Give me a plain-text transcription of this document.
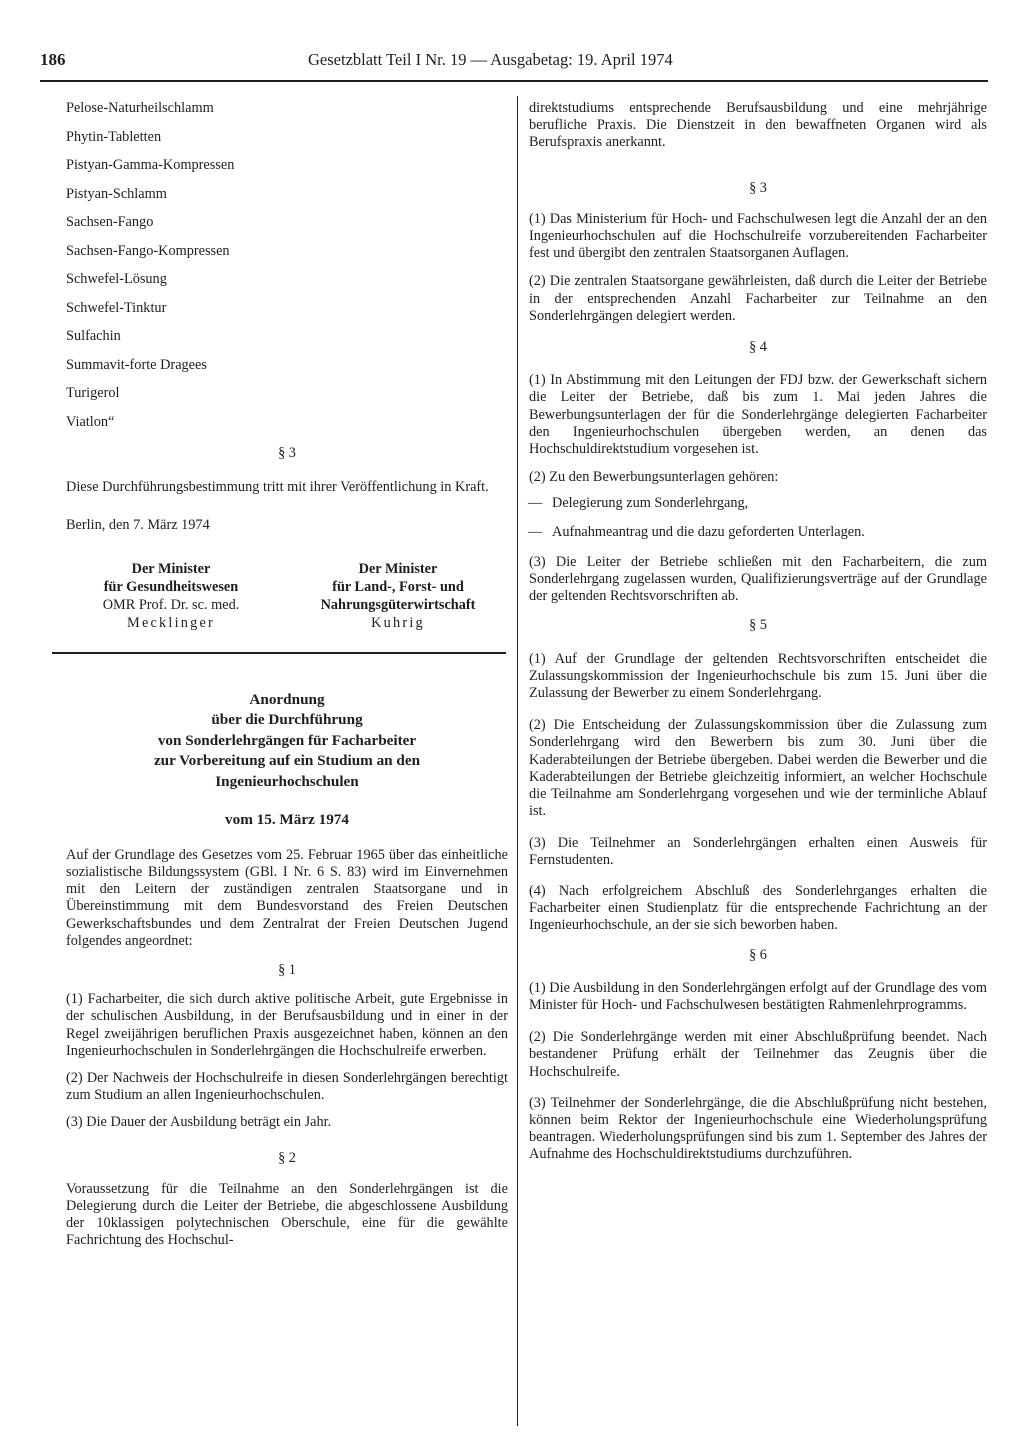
186	Gesetzblatt Teil I Nr. 19 — Ausgabetag: 19. April 1974

Pelose-Naturheilschlamm

Phytin-Tabletten

Pistyan-Gamma-Kompressen

Pistyan-Schlamm

Sachsen-Fango

Sachsen-Fango-Kompressen

Schwefel-Lösung

Schwefel-Tinktur

Sulfachin

Summavit-forte Dragees

Turigerol

Viatlon“

§ 3

Diese Durchführungsbestimmung tritt mit ihrer Veröffentlichung in Kraft.

Berlin, den 7. März 1974

Der Minister
für Gesundheitswesen
OMR Prof. Dr. sc. med.
Mecklinger
Der Minister
für Land-, Forst- und
Nahrungsgüterwirtschaft
Kuhrig

Anordnung

über die Durchführung

von Sonderlehrgängen für Facharbeiter

zur Vorbereitung auf ein Studium an den

Ingenieurhochschulen

vom 15. März 1974

Auf der Grundlage des Gesetzes vom 25. Februar 1965 über das einheitliche sozialistische Bildungssystem (GBl. I Nr. 6 S. 83) wird im Einvernehmen mit den Leitern der zuständigen zentralen Staatsorgane und in Übereinstimmung mit dem Bundesvorstand des Freien Deutschen Gewerkschaftsbundes und dem Zentralrat der Freien Deutschen Jugend folgendes angeordnet:

§ 1

(1) Facharbeiter, die sich durch aktive politische Arbeit, gute Ergebnisse in der schulischen Ausbildung, in der Berufsausbildung und in einer in der Regel zweijährigen beruflichen Praxis ausgezeichnet haben, können an den Ingenieurhochschulen in Sonderlehrgängen die Hochschulreife erwerben.

(2) Der Nachweis der Hochschulreife in diesen Sonderlehrgängen berechtigt zum Studium an allen Ingenieurhochschulen.

(3) Die Dauer der Ausbildung beträgt ein Jahr.

§ 2

Voraussetzung für die Teilnahme an den Sonderlehrgängen ist die Delegierung durch die Leiter der Betriebe, die abgeschlossene Ausbildung der 10klassigen polytechnischen Oberschule, eine für die gewählte Fachrichtung des Hochschul-

direktstudiums entsprechende Berufsausbildung und eine mehrjährige berufliche Praxis. Die Dienstzeit in den bewaffneten Organen wird als Berufspraxis anerkannt.

§ 3

(1) Das Ministerium für Hoch- und Fachschulwesen legt die Anzahl der an den Ingenieurhochschulen auf die Hochschulreife vorzubereitenden Facharbeiter fest und übergibt den zentralen Staatsorganen Auflagen.

(2) Die zentralen Staatsorgane gewährleisten, daß durch die Leiter der Betriebe in der entsprechenden Anzahl Facharbeiter zur Teilnahme an den Sonderlehrgängen delegiert werden.

§ 4

(1) In Abstimmung mit den Leitungen der FDJ bzw. der Gewerkschaft sichern die Leiter der Betriebe, daß bis zum 1. Mai jeden Jahres die Bewerbungsunterlagen der für die Sonderlehrgänge delegierten Facharbeiter den Ingenieurhochschulen übergeben werden, an denen das Hochschuldirektstudium vorgesehen ist.

(2) Zu den Bewerbungsunterlagen gehören:

— Delegierung zum Sonderlehrgang,
— Aufnahmeantrag und die dazu geforderten Unterlagen.

(3) Die Leiter der Betriebe schließen mit den Facharbeitern, die zum Sonderlehrgang zugelassen wurden, Qualifizierungsverträge auf der Grundlage der geltenden Rechtsvorschriften ab.

§ 5

(1) Auf der Grundlage der geltenden Rechtsvorschriften entscheidet die Zulassungskommission der Ingenieurhochschule bis zum 15. Juni über die Zulassung der Bewerber zu einem Sonderlehrgang.

(2) Die Entscheidung der Zulassungskommission über die Zulassung zum Sonderlehrgang wird den Bewerbern bis zum 30. Juni über die Kaderabteilungen der Betriebe übergeben. Dabei werden die Bewerber und die Kaderabteilungen der Betriebe gleichzeitig informiert, an welcher Hochschule die Teilnahme am Sonderlehrgang vorgesehen und wie der terminliche Ablauf ist.

(3) Die Teilnehmer an Sonderlehrgängen erhalten einen Ausweis für Fernstudenten.

(4) Nach erfolgreichem Abschluß des Sonderlehrganges erhalten die Facharbeiter einen Studienplatz für die entsprechende Fachrichtung an der Ingenieurhochschule, an der sie sich beworben haben.

§ 6

(1) Die Ausbildung in den Sonderlehrgängen erfolgt auf der Grundlage des vom Minister für Hoch- und Fachschulwesen bestätigten Rahmenlehrprogramms.

(2) Die Sonderlehrgänge werden mit einer Abschlußprüfung beendet. Nach bestandener Prüfung erhält der Teilnehmer das Zeugnis über die Hochschulreife.

(3) Teilnehmer der Sonderlehrgänge, die die Abschlußprüfung nicht bestehen, können beim Rektor der Ingenieurhochschule eine Wiederholungsprüfung beantragen. Wiederholungsprüfungen sind bis zum 1. September des Jahres der Aufnahme des Hochschuldirektstudiums durchzuführen.
